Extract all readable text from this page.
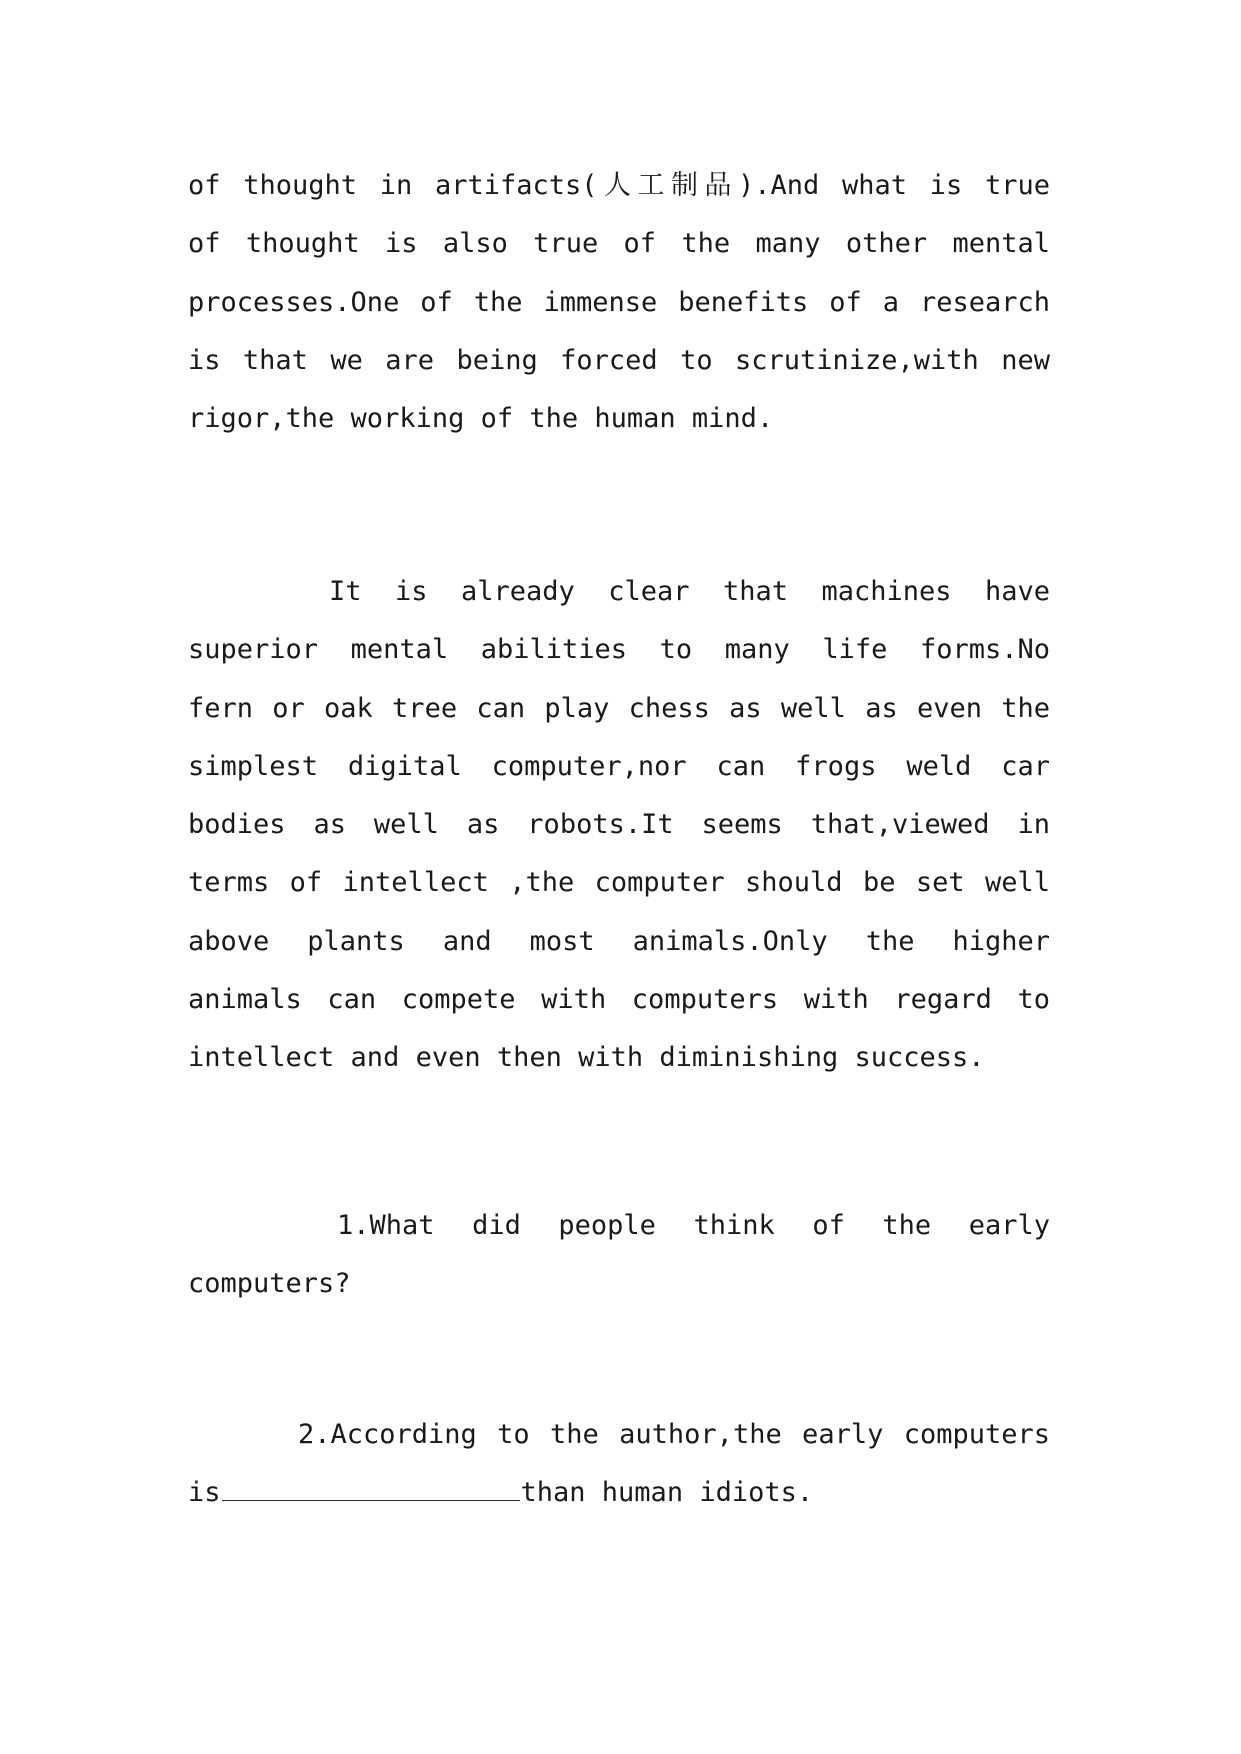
of thought in artifacts(人工制品).And what is true
of thought is also true of the many other mental
processes.One of the immense benefits of a research
is that we are being forced to scrutinize,with new
rigor,the working of the human mind.
It is already clear that machines have
superior mental abilities to many life forms.No
fern or oak tree can play chess as well as even the
simplest digital computer,nor can frogs weld car
bodies as well as robots.It seems that,viewed in
terms of intellect ,the computer should be set well
above plants and most animals.Only the higher
animals can compete with computers with regard to
intellect and even then with diminishing success.
1.What did people think of the early
computers?
2.According to the author,the early computers
is	than human idiots.
